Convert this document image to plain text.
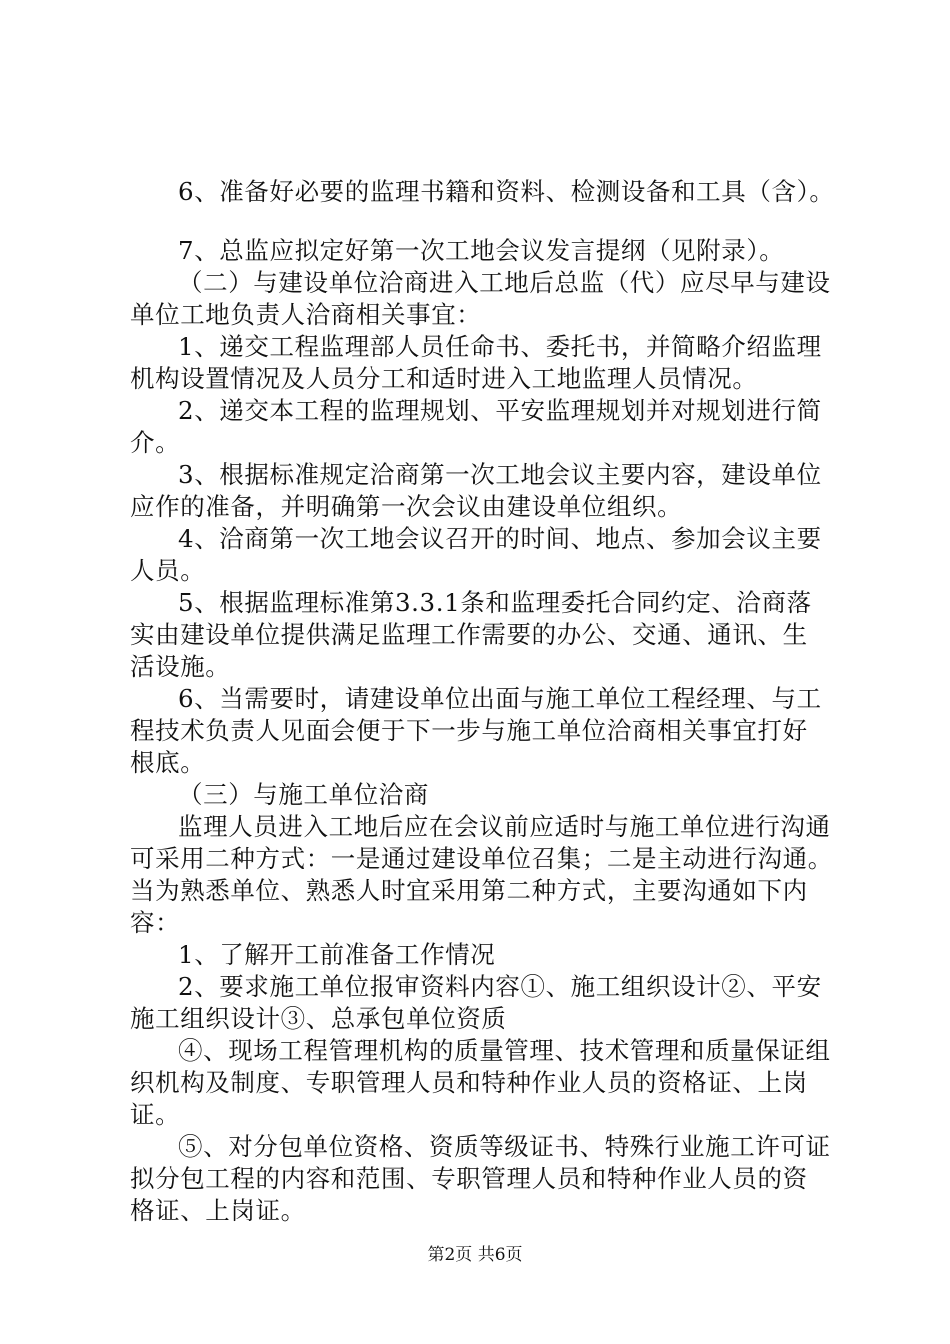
6、准备好必要的监理书籍和资料、检测设备和工具（含）。
7、总监应拟定好第一次工地会议发言提纲（见附录）。
（二）与建设单位洽商进入工地后总监（代）应尽早与建设
单位工地负责人洽商相关事宜：
1、递交工程监理部人员任命书、委托书，并简略介绍监理
机构设置情况及人员分工和适时进入工地监理人员情况。
2、递交本工程的监理规划、平安监理规划并对规划进行简
介。
3、根据标准规定洽商第一次工地会议主要内容，建设单位
应作的准备，并明确第一次会议由建设单位组织。
4、洽商第一次工地会议召开的时间、地点、参加会议主要
人员。
5、根据监理标准第3.3.1条和监理委托合同约定、洽商落
实由建设单位提供满足监理工作需要的办公、交通、通讯、生
活设施。
6、当需要时，请建设单位出面与施工单位工程经理、与工
程技术负责人见面会便于下一步与施工单位洽商相关事宜打好
根底。
（三）与施工单位洽商
监理人员进入工地后应在会议前应适时与施工单位进行沟通
可采用二种方式：一是通过建设单位召集；二是主动进行沟通。
当为熟悉单位、熟悉人时宜采用第二种方式，主要沟通如下内
容：
1、了解开工前准备工作情况
2、要求施工单位报审资料内容①、施工组织设计②、平安
施工组织设计③、总承包单位资质
④、现场工程管理机构的质量管理、技术管理和质量保证组
织机构及制度、专职管理人员和特种作业人员的资格证、上岗
证。
⑤、对分包单位资格、资质等级证书、特殊行业施工许可证
拟分包工程的内容和范围、专职管理人员和特种作业人员的资
格证、上岗证。
第2页 共6页
